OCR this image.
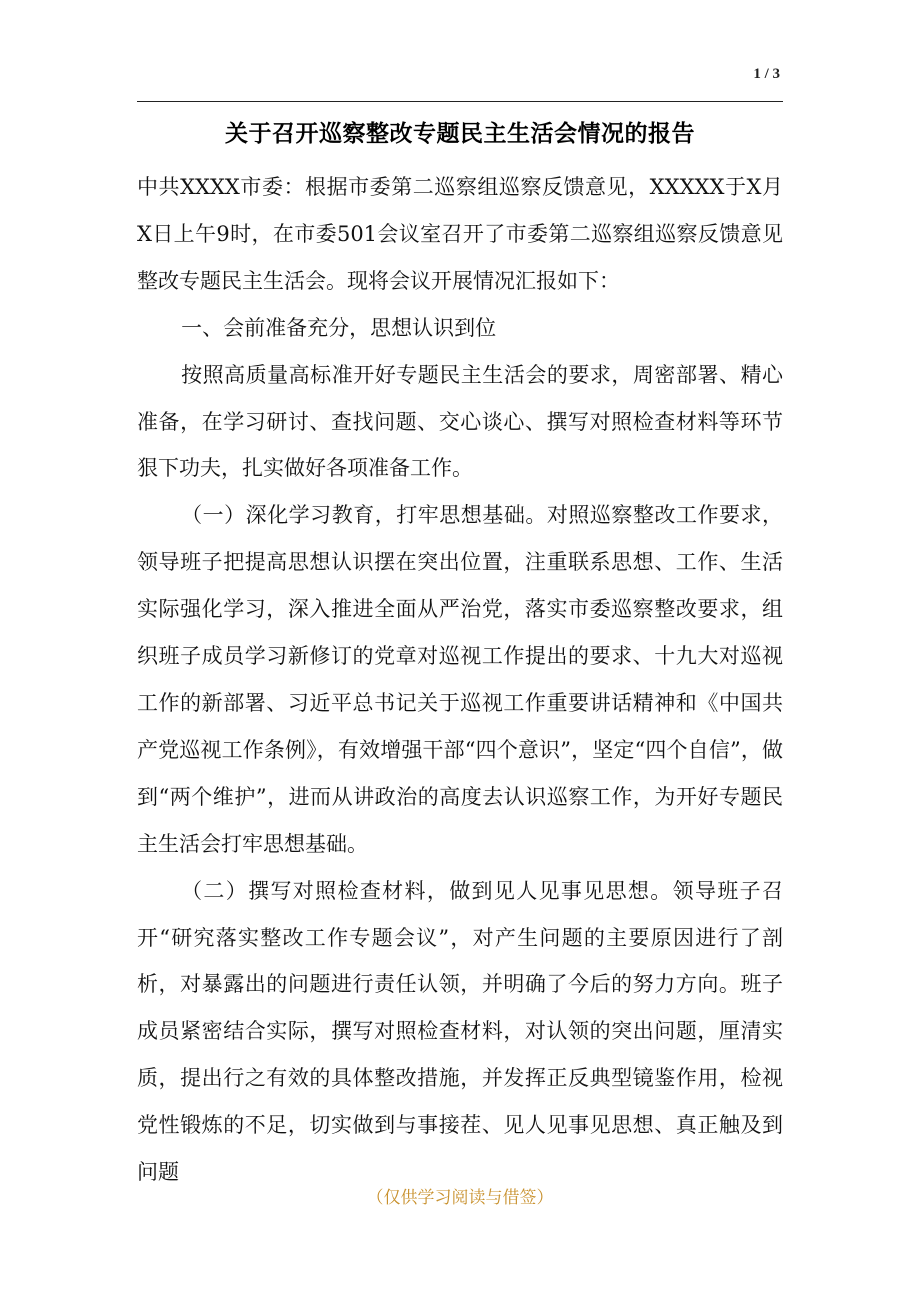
1 / 3
关于召开巡察整改专题民主生活会情况的报告

中共XXXX市委：根据市委第二巡察组巡察反馈意见，XXXXX于X月X日上午9时，在市委501会议室召开了市委第二巡察组巡察反馈意见整改专题民主生活会。现将会议开展情况汇报如下：

一、会前准备充分，思想认识到位

按照高质量高标准开好专题民主生活会的要求，周密部署、精心准备，在学习研讨、查找问题、交心谈心、撰写对照检查材料等环节狠下功夫，扎实做好各项准备工作。

（一）深化学习教育，打牢思想基础。对照巡察整改工作要求，领导班子把提高思想认识摆在突出位置，注重联系思想、工作、生活实际强化学习，深入推进全面从严治党，落实市委巡察整改要求，组织班子成员学习新修订的党章对巡视工作提出的要求、十九大对巡视工作的新部署、习近平总书记关于巡视工作重要讲话精神和《中国共产党巡视工作条例》，有效增强干部“四个意识”，坚定“四个自信”，做到“两个维护”，进而从讲政治的高度去认识巡察工作，为开好专题民主生活会打牢思想基础。

（二）撰写对照检查材料，做到见人见事见思想。领导班子召开“研究落实整改工作专题会议”，对产生问题的主要原因进行了剖析，对暴露出的问题进行责任认领，并明确了今后的努力方向。班子成员紧密结合实际，撰写对照检查材料，对认领的突出问题，厘清实质，提出行之有效的具体整改措施，并发挥正反典型镜鉴作用，检视党性锻炼的不足，切实做到与事接茬、见人见事见思想、真正触及到问题

（仅供学习阅读与借签）
